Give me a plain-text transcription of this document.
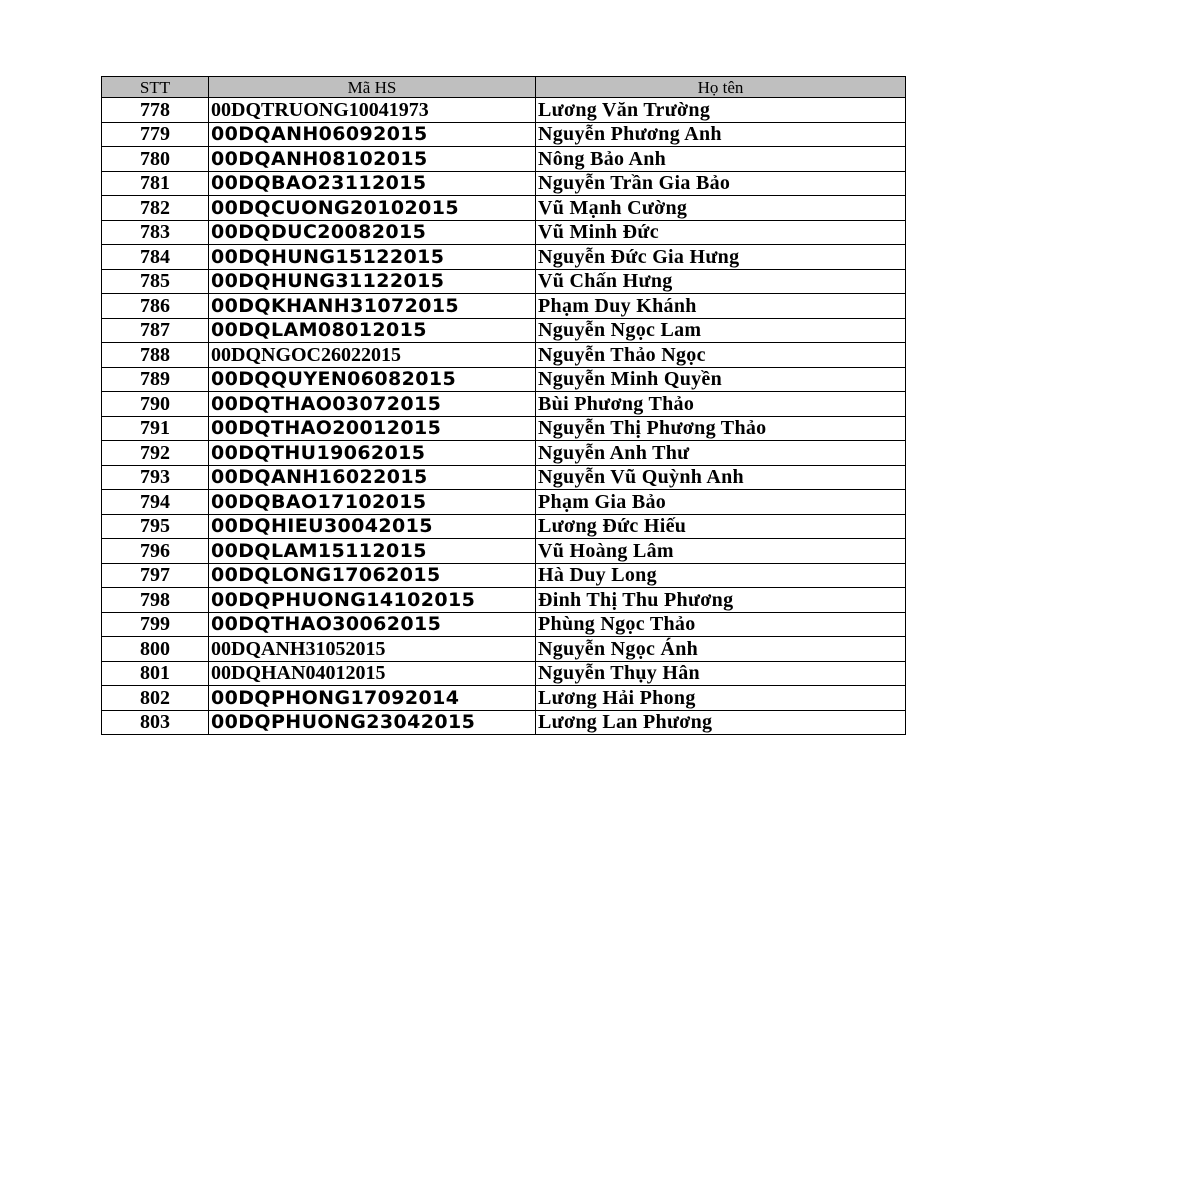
STT	Mã HS	Họ tên
778	00DQTRUONG10041973	Lương Văn Trường
779	00DQANH06092015	Nguyễn Phương Anh
780	00DQANH08102015	Nông Bảo Anh
781	00DQBAO23112015	Nguyễn Trần Gia Bảo
782	00DQCUONG20102015	Vũ Mạnh Cường
783	00DQDUC20082015	Vũ Minh Đức
784	00DQHUNG15122015	Nguyễn Đức Gia Hưng
785	00DQHUNG31122015	Vũ Chấn Hưng
786	00DQKHANH31072015	Phạm Duy Khánh
787	00DQLAM08012015	Nguyễn Ngọc Lam
788	00DQNGOC26022015	Nguyễn Thảo Ngọc
789	00DQQUYEN06082015	Nguyễn Minh Quyền
790	00DQTHAO03072015	Bùi Phương Thảo
791	00DQTHAO20012015	Nguyễn Thị Phương Thảo
792	00DQTHU19062015	Nguyễn Anh Thư
793	00DQANH16022015	Nguyễn Vũ Quỳnh Anh
794	00DQBAO17102015	Phạm Gia Bảo
795	00DQHIEU30042015	Lương Đức Hiếu
796	00DQLAM15112015	Vũ Hoàng Lâm
797	00DQLONG17062015	Hà Duy Long
798	00DQPHUONG14102015	Đinh Thị Thu Phương
799	00DQTHAO30062015	Phùng Ngọc Thảo
800	00DQANH31052015	Nguyễn Ngọc Ánh
801	00DQHAN04012015	Nguyễn Thụy Hân
802	00DQPHONG17092014	Lương Hải Phong
803	00DQPHUONG23042015	Lương Lan Phương
